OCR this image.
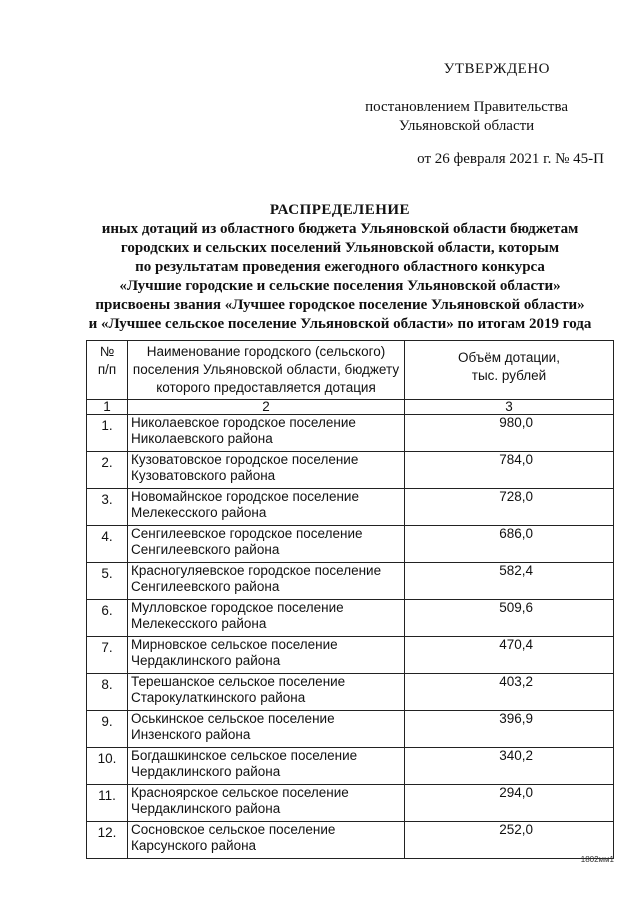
УТВЕРЖДЕНО
постановлением Правительства
Ульяновской области
от 26 февраля 2021 г. № 45-П
РАСПРЕДЕЛЕНИЕ
иных дотаций из областного бюджета Ульяновской области бюджетам
городских и сельских поселений Ульяновской области, которым
по результатам проведения ежегодного областного конкурса
«Лучшие городские и сельские поселения Ульяновской области»
присвоены звания «Лучшее городское поселение Ульяновской области»
и «Лучшее сельское поселение Ульяновской области» по итогам 2019 года
№
п/п	Наименование городского (сельского)
поселения Ульяновской области, бюджету
которого предоставляется дотация	Объём дотации,
тыс. рублей

1	2	3
1.	Николаевское городское поселение
Николаевского района	980,0
2.	Кузоватовское городское поселение
Кузоватовского района	784,0
3.	Новомайнское городское поселение
Мелекесского района	728,0
4.	Сенгилеевское городское поселение
Сенгилеевского района	686,0
5.	Красногуляевское городское поселение
Сенгилеевского района	582,4
6.	Мулловское городское поселение
Мелекесского района	509,6
7.	Мирновское сельское поселение
Чердаклинского района	470,4
8.	Терешанское сельское поселение
Старокулаткинского района	403,2
9.	Оськинское сельское поселение
Инзенского района	396,9
10.	Богдашкинское сельское поселение
Чердаклинского района	340,2
11.	Красноярское сельское поселение
Чердаклинского района	294,0
12.	Сосновское сельское поселение
Карсунского района	252,0
1802мм1
